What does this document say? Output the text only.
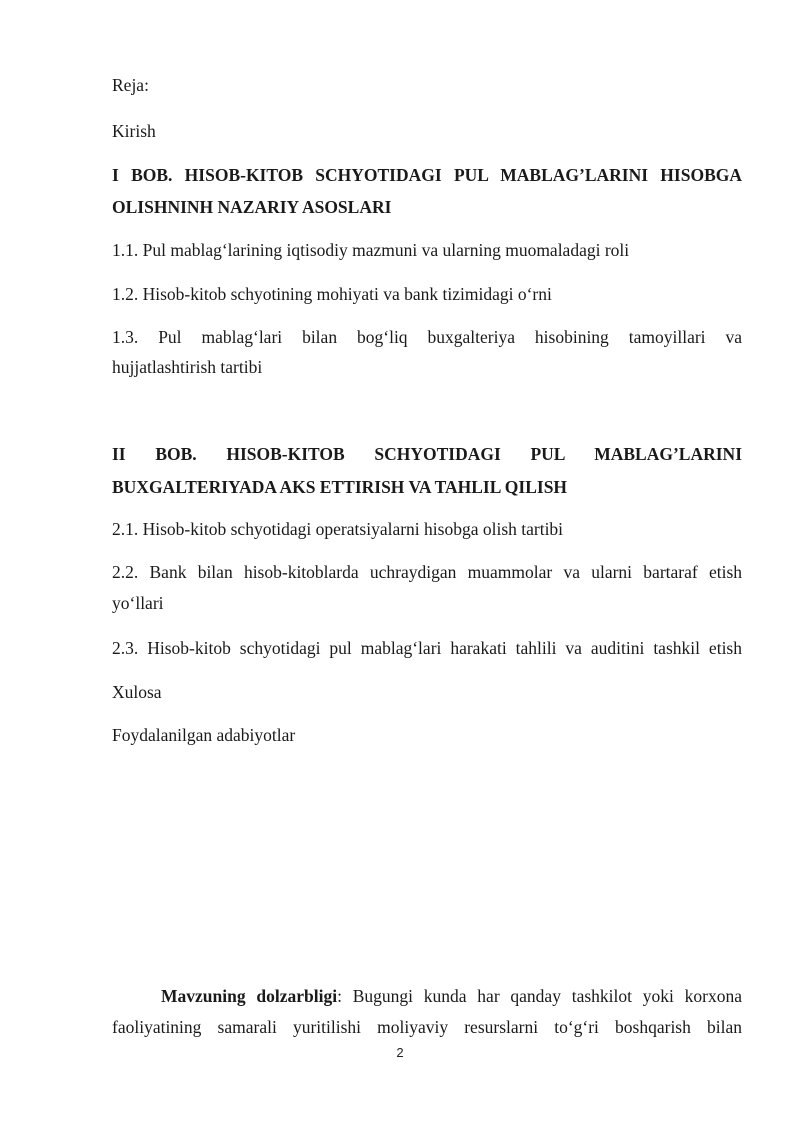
Reja:
Kirish
I BOB. HISOB-KITOB SCHYOTIDAGI PUL MABLAG’LARINI HISOBGA
OLISHNINH NAZARIY ASOSLARI
1.1. Pul mablag‘larining iqtisodiy mazmuni va ularning muomaladagi roli
1.2. Hisob-kitob schyotining mohiyati va bank tizimidagi o‘rni
1.3. Pul mablag‘lari bilan bog‘liq buxgalteriya hisobining tamoyillari va
hujjatlashtirish tartibi
II BOB. HISOB-KITOB SCHYOTIDAGI PUL MABLAG’LARINI
BUXGALTERIYADA AKS ETTIRISH VA TAHLIL QILISH
2.1. Hisob-kitob schyotidagi operatsiyalarni hisobga olish tartibi
2.2. Bank bilan hisob-kitoblarda uchraydigan muammolar va ularni bartaraf etish
yo‘llari
2.3. Hisob-kitob schyotidagi pul mablag‘lari harakati tahlili va auditini tashkil etish
Xulosa
Foydalanilgan adabiyotlar
Mavzuning dolzarbligi: Bugungi kunda har qanday tashkilot yoki korxona
faoliyatining samarali yuritilishi moliyaviy resurslarni to‘g‘ri boshqarish bilan
2
